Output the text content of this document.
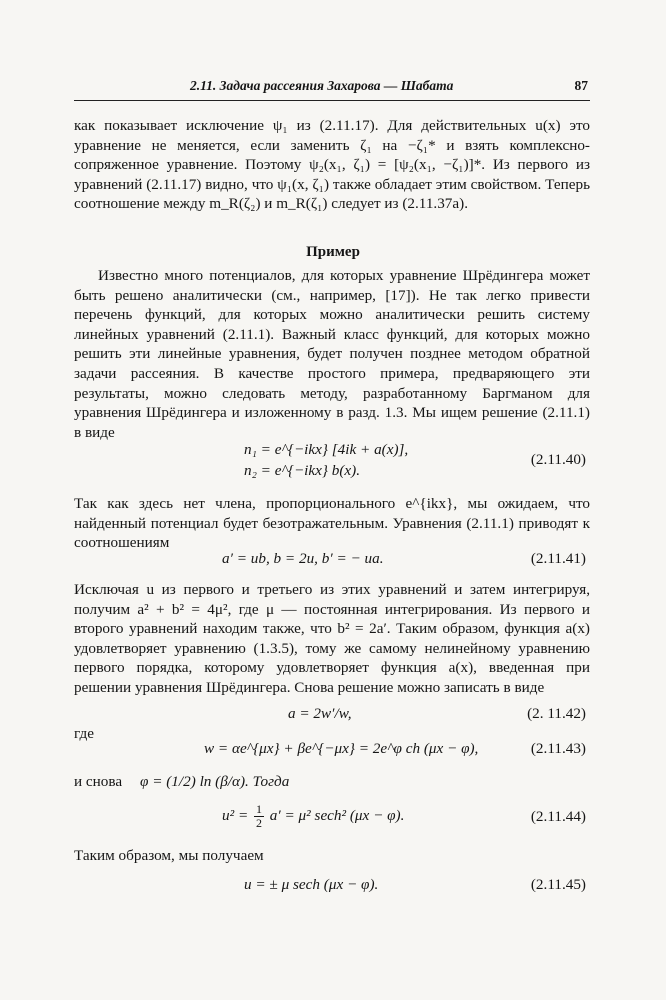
2.11. Задача рассеяния Захарова — Шабата	87
как показывает исключение ψ₁ из (2.11.17). Для действительных u(x) это уравнение не меняется, если заменить ζ₁ на −ζ₁* и взять комплексно-сопряженное уравнение. Поэтому ψ₂(x₁, ζ₁) = [ψ₂(x₁, −ζ₁)]*. Из первого из уравнений (2.11.17) видно, что ψ₁(x, ζ₁) также обладает этим свойством. Теперь соотношение между m_R(ζ₂) и m_R(ζ₁) следует из (2.11.37а).
Пример
Известно много потенциалов, для которых уравнение Шрёдингера может быть решено аналитически (см., например, [17]). Не так легко привести перечень функций, для которых можно аналитически решить систему линейных уравнений (2.11.1). Важный класс функций, для которых можно решить эти линейные уравнения, будет получен позднее методом обратной задачи рассеяния. В качестве простого примера, предваряющего эти результаты, можно следовать методу, разработанному Баргманом для уравнения Шрёдингера и изложенному в разд. 1.3. Мы ищем решение (2.11.1) в виде
n₁ = e^{−ikx} [4ik + a(x)],
n₂ = e^{−ikx} b(x).
(2.11.40)
Так как здесь нет члена, пропорционального e^{ikx}, мы ожидаем, что найденный потенциал будет безотражательным. Уравнения (2.11.1) приводят к соотношениям
a′ = ub, b = 2u, b′ = − ua.	(2.11.41)
Исключая u из первого и третьего из этих уравнений и затем интегрируя, получим a² + b² = 4μ², где μ — постоянная интегрирования. Из первого и второго уравнений находим также, что b² = 2a′. Таким образом, функция a(x) удовлетворяет уравнению (1.3.5), тому же самому нелинейному уравнению первого порядка, которому удовлетворяет функция a(x), введенная при решении уравнения Шрёдингера. Снова решение можно записать в виде
a = 2w′/w,	(2. 11.42)
где
w = αe^{μx} + βe^{−μx} = 2e^φ ch (μx − φ),	(2.11.43)
и снова φ = (1/2) ln (β/α). Тогда
$u^2 = \frac{1}{2} a' = \mu^2$ sech² (μx − φ).	(2.11.44)
Таким образом, мы получаем
u = ± μ sech (μx − φ).	(2.11.45)
